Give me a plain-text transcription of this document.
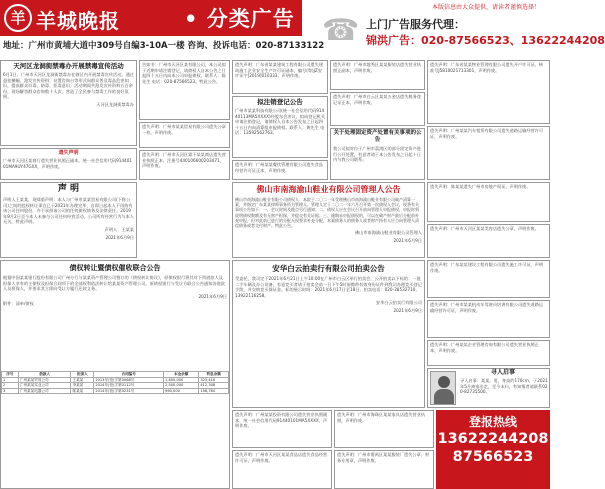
羊 羊城晚报	• 分类广告	本版信息由大众提供，请读者谨慎选择！
☎ 上门广告服务代理：
锦洪广告：020-87566523、13622244208
地址：广州市黄埔大道中309号自编3-10A一楼 咨询、投诉电话：020-87133122
天河区龙洞街禁毒办开展禁毒宣传活动
6月1日，广州市天河区龙洞街禁毒办在辖区内开展禁毒宣传活动，通过悬挂横幅、派发宣传资料、设置咨询台等形式向群众普及毒品危害知识，提高群众识毒、防毒、拒毒意识。活动期间共派发宣传资料五百余份，现场解答群众咨询数十人次，营造了全民参与禁毒工作的良好氛围。
天河区龙洞街禁毒办
遗失声明
广州市天河区某商行遗失营业执照正副本，统一社会信用代码91440101MA9UY47GXX，声明作废。
声 明
声明人王某某，现郑重声明：本人与广州市某某贸易有限公司(下称公司)之间的股权转让事宜已于2021年办理完毕，自即日起本人不再持有该公司任何股份，亦不承担该公司的任何债权债务及法律责任。2019年9月2日至今本人未参与公司任何经营活动，公司所有经营行为与本人无关。特此声明。
声明人：王某某
2021年6月9日
债权转让暨债权催收联合公告
根据中国某某银行股份有限公司广州分行与某某资产管理公司签订的《债权转让协议》，原债权银行将其对下列借款人及担保人享有的主债权及担保合同项下的全部权利依法转让给某某资产管理公司。原债权银行与受让方联合公告通知各借款人及担保人，并要求其立即向受让方履行还款义务。
2021年6月9日
附件：清单/债权
序号	借款人	担保人	合同编号	本金余额	利息余额
1	广州某某贸易公司	王某某	2013年(营)字第0068号	1,800,000	325,416
2	广州某某实业公司	李某某	2014年(营)字第0112号	2,500,000	412,308
3	广州某某电器公司	陈某某	2014年(营)字第0231号	960,000	158,764
告知书：广州市天河区某有限公司，本公司拟于近期申请注销登记，请债权人自本公告之日起四十五日内向本公司申报债权。联系人：陈先生 电话：020-87566523。特此公告。
遗失声明：广州市某某贸易有限公司遗失公章一枚，声明作废。
遗失声明：广州市天河区棠下某某商店遗失营业执照正本，注册号440106600203471，声明作废。
遗失声明：广东省某某建筑工程有限公司遗失建筑施工企业安全生产许可证副本，编号(粤)JZ安许证字[2019]010333，声明作废。
拟注销登记公告
广州市某某科技有限公司(统一社会信用代码91440113MA5XXXX)经股东会决议，拟向登记机关申请注销登记，请债权人自本公告发布之日起四十五日内向清算组申报债权。联系人：黄先生 电话：13592562763。
遗失声明：广州某某餐饮管理有限公司遗失食品经营许可证正本，声明作废。
遗失声明：广州市越秀区某某服装店遗失营业执照正副本，声明作废。
遗失声明：广州市白云区某某五金店遗失税务登记证正本，声明作废。
关于处理固定资产处置有关事项的公告
我公司拟对位于广州市荔湾区的部分固定资产进行公开处置，有意者请于本公告发布之日起十日内与我公司联系。
遗失声明：广东省某某物业管理有限公司遗失开户许可证，核准号J5810021713301，声明作废。
遗失声明：广州某某汽车租赁有限公司遗失道路运输经营许可证，声明作废。
遗失声明：陈某某遗失广州市房地产权证，声明作废。
遗失声明：广州市天河区某某美容店遗失公章，声明作废。
佛山市南海渝山鞋业有限公司管理人公告
佛山市南海渝山鞋业有限公司债权人：本院于二〇二一年受理佛山市南海渝山鞋业有限公司破产清算一案，并指定广东某某律师事务所为管理人。管理人定于二〇二一年六月召开第一次债权人会议，现将有关事项公告如下：一、会议时间及地点另行通知；二、债权人应在会议召开前向管理人申报债权，申报时须说明债权数额及有无财产担保，并提交有关证据；三、逾期未申报债权的，可以在破产财产最后分配前补充申报，但对此前已进行的分配无权要求补充分配。本案债务人的债务人或者财产持有人应当向管理人清偿债务或者交付财产。特此公告。
佛山市南海渝山鞋业有限公司管理人
2021年6月9日
安华白云拍卖行有限公司拍卖公告
受委托，我司定于2021年6月21日上午10:00在广州市白云区举行拍卖会，公开拍卖以下标的：一批二手车辆及办公设备。有意竞买者请于拍卖会前一日下午5时前携带有效身份证件到我司办理竞买登记手续，并交纳竞买保证金。标的展示时间：2021年6月17日至18日。拍卖电话：020-38532710、13922116258。
安华白云拍卖行有限公司
2021年6月9日
遗失声明：广州某某投资有限公司遗失营业执照副本，统一社会信用代码91440101MA5XXXX，声明作废。
遗失声明：广州市天河区某某食品店遗失食品经营许可证，声明作废。
遗失声明：广州市海珠区某某家具店遗失营业执照，声明作废。
遗失声明：广州市番禺区某某服装厂遗失公章、财务专用章，声明作废。
遗失声明：广东某某建设工程有限公司遗失施工许可证，声明作废。
遗失声明：广州市某某机动车驾驶员培训有限公司遗失道路运输经营许可证，声明作废。
遗失声明：广州某某企业管理咨询有限公司遗失营业执照正本，声明作废。
寻人启事
寻人启事：某某，男，身高约170cm，于2021年5月离家出走，至今未归，有知情者请联系020-82735500。
登报热线
13622244208
87566523
